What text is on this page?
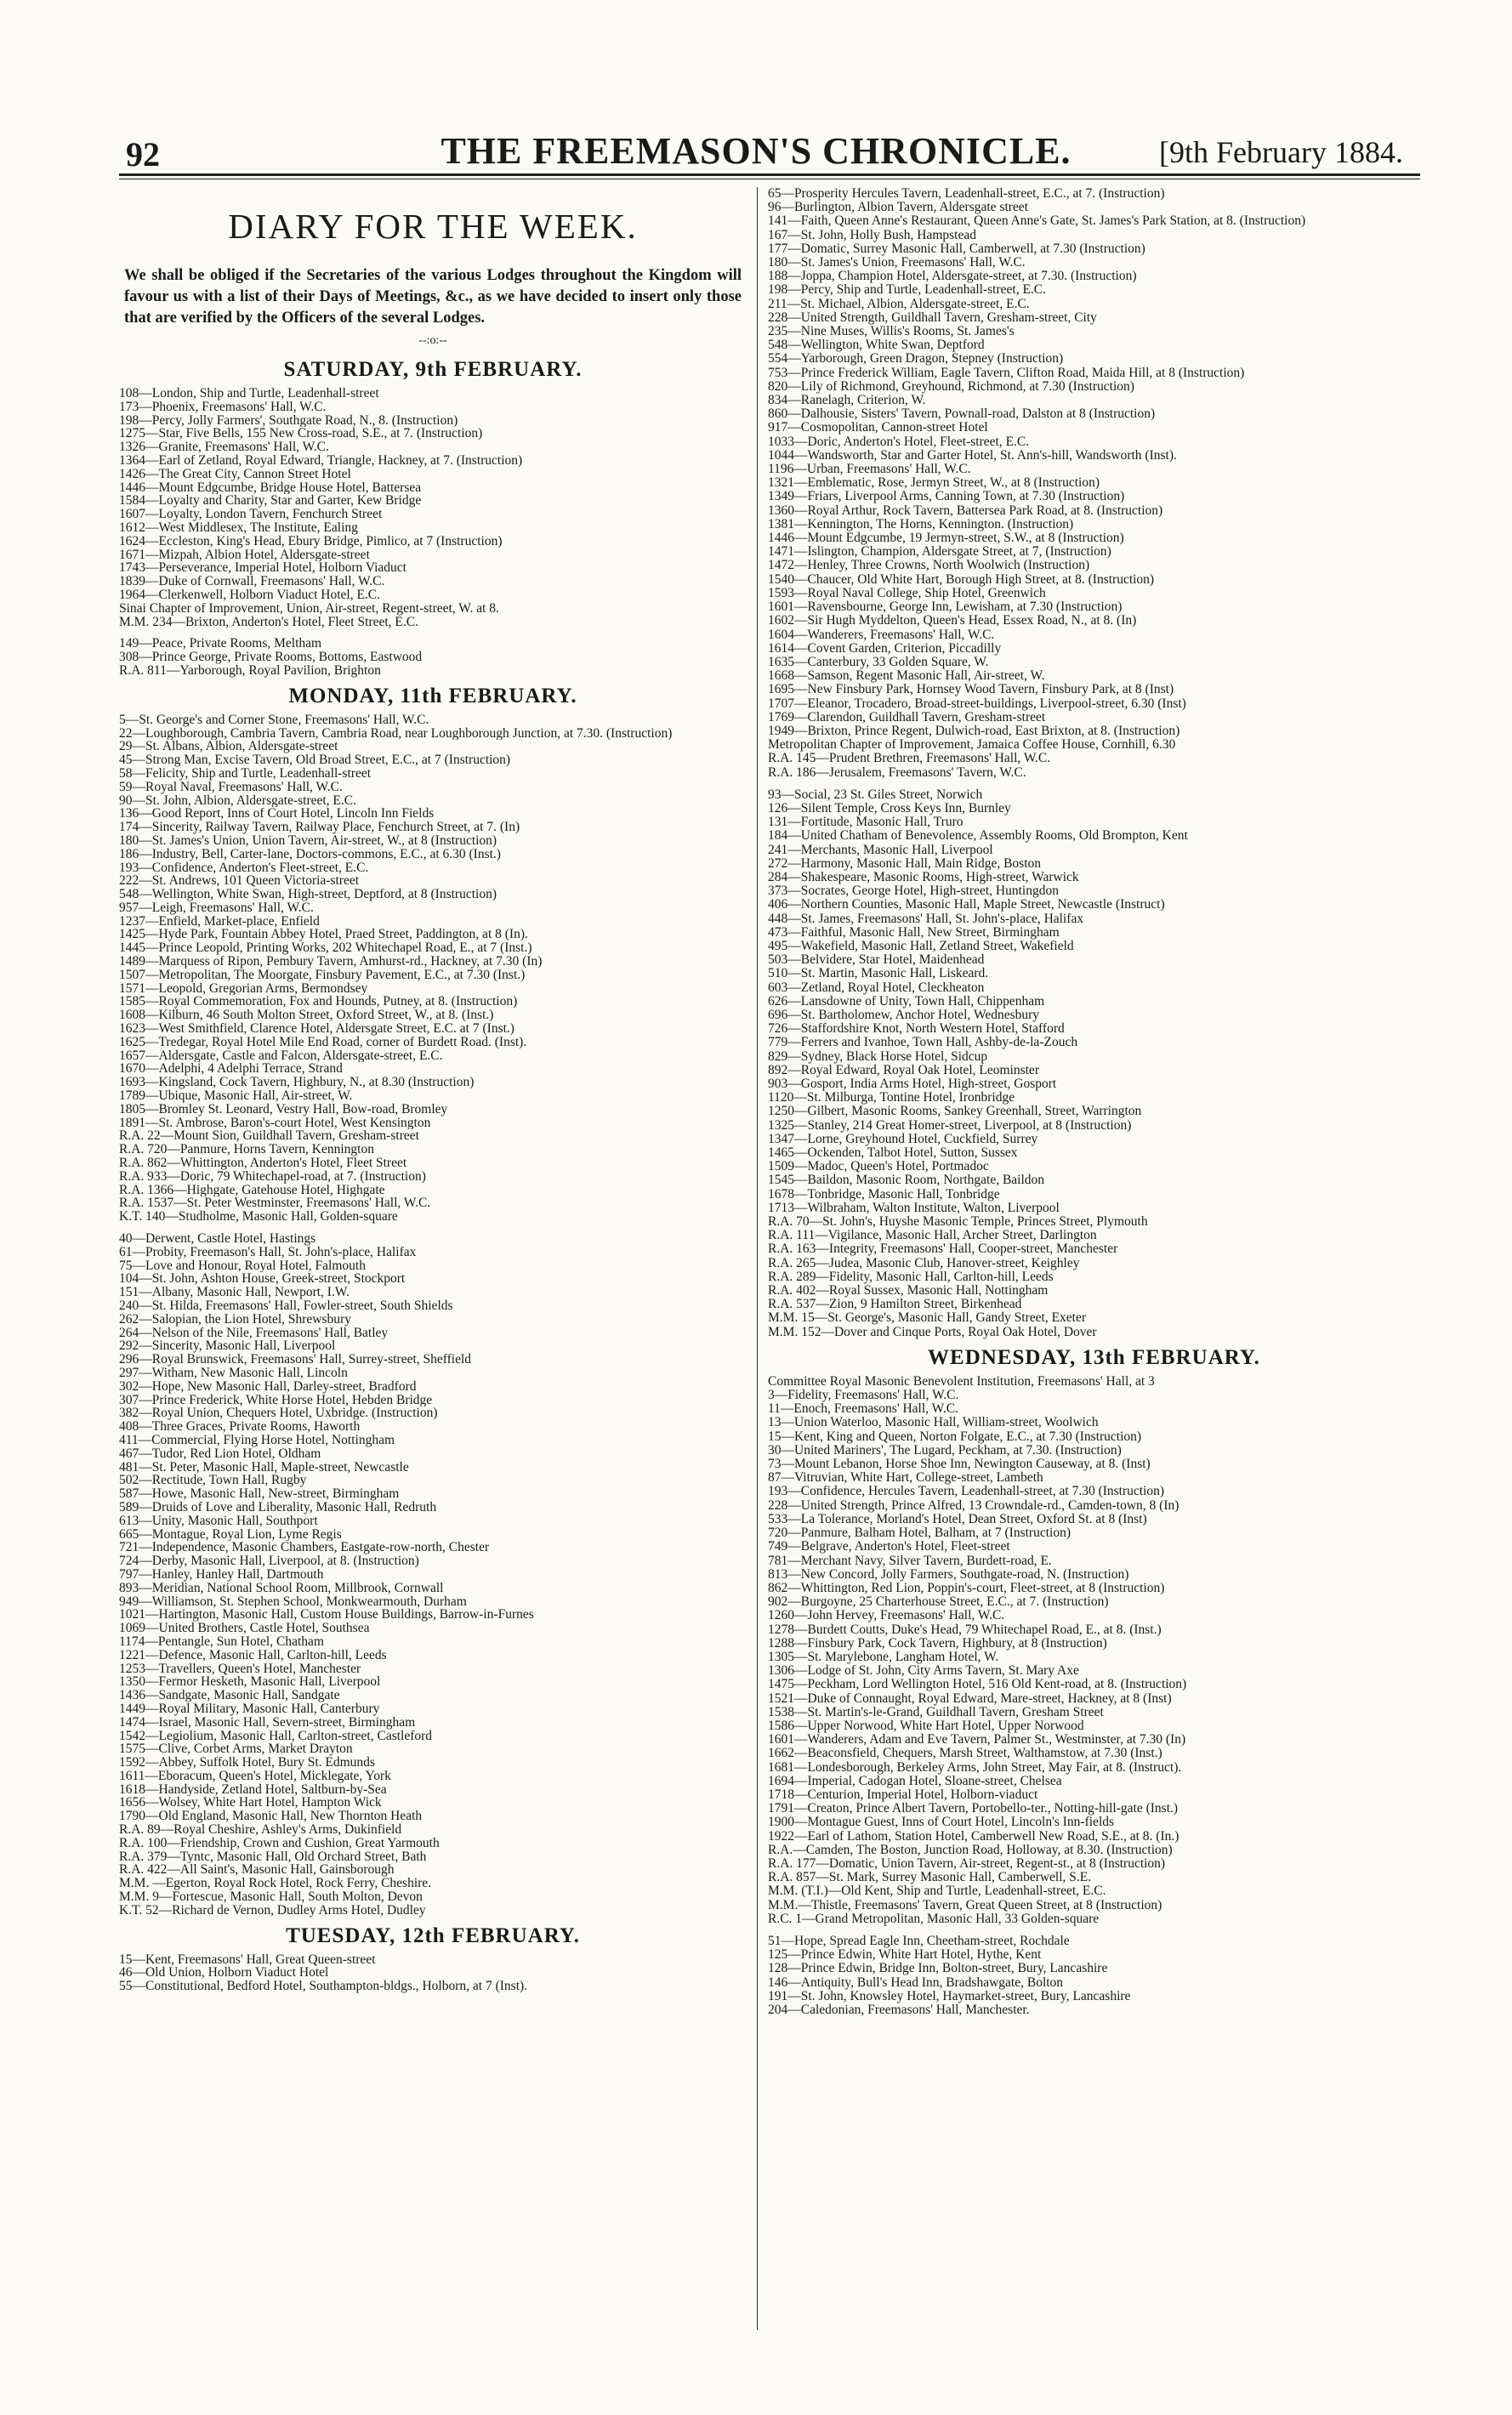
92	THE FREEMASON'S CHRONICLE.	[9th February 1884.
DIARY FOR THE WEEK.
We shall be obliged if the Secretaries of the various Lodges throughout the Kingdom will favour us with a list of their Days of Meetings, &c., as we have decided to insert only those that are verified by the Officers of the several Lodges.
--:o:--
SATURDAY, 9th FEBRUARY.
108—London, Ship and Turtle, Leadenhall-street
173—Phoenix, Freemasons' Hall, W.C.
198—Percy, Jolly Farmers', Southgate Road, N., 8. (Instruction)
1275—Star, Five Bells, 155 New Cross-road, S.E., at 7. (Instruction)
1326—Granite, Freemasons' Hall, W.C.
1364—Earl of Zetland, Royal Edward, Triangle, Hackney, at 7. (Instruction)
1426—The Great City, Cannon Street Hotel
1446—Mount Edgcumbe, Bridge House Hotel, Battersea
1584—Loyalty and Charity, Star and Garter, Kew Bridge
1607—Loyalty, London Tavern, Fenchurch Street
1612—West Middlesex, The Institute, Ealing
1624—Eccleston, King's Head, Ebury Bridge, Pimlico, at 7 (Instruction)
1671—Mizpah, Albion Hotel, Aldersgate-street
1743—Perseverance, Imperial Hotel, Holborn Viaduct
1839—Duke of Cornwall, Freemasons' Hall, W.C.
1964—Clerkenwell, Holborn Viaduct Hotel, E.C.
Sinai Chapter of Improvement, Union, Air-street, Regent-street, W. at 8.
M.M. 234—Brixton, Anderton's Hotel, Fleet Street, E.C.
149—Peace, Private Rooms, Meltham
308—Prince George, Private Rooms, Bottoms, Eastwood
R.A. 811—Yarborough, Royal Pavilion, Brighton
MONDAY, 11th FEBRUARY.
5—St. George's and Corner Stone, Freemasons' Hall, W.C.
22—Loughborough, Cambria Tavern, Cambria Road, near Loughborough Junction, at 7.30. (Instruction)
29—St. Albans, Albion, Aldersgate-street
45—Strong Man, Excise Tavern, Old Broad Street, E.C., at 7 (Instruction)
58—Felicity, Ship and Turtle, Leadenhall-street
59—Royal Naval, Freemasons' Hall, W.C.
90—St. John, Albion, Aldersgate-street, E.C.
136—Good Report, Inns of Court Hotel, Lincoln Inn Fields
174—Sincerity, Railway Tavern, Railway Place, Fenchurch Street, at 7. (In)
180—St. James's Union, Union Tavern, Air-street, W., at 8 (Instruction)
186—Industry, Bell, Carter-lane, Doctors-commons, E.C., at 6.30 (Inst.)
193—Confidence, Anderton's Fleet-street, E.C.
222—St. Andrews, 101 Queen Victoria-street
548—Wellington, White Swan, High-street, Deptford, at 8 (Instruction)
957—Leigh, Freemasons' Hall, W.C.
1237—Enfield, Market-place, Enfield
1425—Hyde Park, Fountain Abbey Hotel, Praed Street, Paddington, at 8 (In).
1445—Prince Leopold, Printing Works, 202 Whitechapel Road, E., at 7 (Inst.)
1489—Marquess of Ripon, Pembury Tavern, Amhurst-rd., Hackney, at 7.30 (In)
1507—Metropolitan, The Moorgate, Finsbury Pavement, E.C., at 7.30 (Inst.)
1571—Leopold, Gregorian Arms, Bermondsey
1585—Royal Commemoration, Fox and Hounds, Putney, at 8. (Instruction)
1608—Kilburn, 46 South Molton Street, Oxford Street, W., at 8. (Inst.)
1623—West Smithfield, Clarence Hotel, Aldersgate Street, E.C. at 7 (Inst.)
1625—Tredegar, Royal Hotel Mile End Road, corner of Burdett Road. (Inst).
1657—Aldersgate, Castle and Falcon, Aldersgate-street, E.C.
1670—Adelphi, 4 Adelphi Terrace, Strand
1693—Kingsland, Cock Tavern, Highbury, N., at 8.30 (Instruction)
1789—Ubique, Masonic Hall, Air-street, W.
1805—Bromley St. Leonard, Vestry Hall, Bow-road, Bromley
1891—St. Ambrose, Baron's-court Hotel, West Kensington
R.A. 22—Mount Sion, Guildhall Tavern, Gresham-street
R.A. 720—Panmure, Horns Tavern, Kennington
R.A. 862—Whittington, Anderton's Hotel, Fleet Street
R.A. 933—Doric, 79 Whitechapel-road, at 7. (Instruction)
R.A. 1366—Highgate, Gatehouse Hotel, Highgate
R.A. 1537—St. Peter Westminster, Freemasons' Hall, W.C.
K.T. 140—Studholme, Masonic Hall, Golden-square
40—Derwent, Castle Hotel, Hastings
61—Probity, Freemason's Hall, St. John's-place, Halifax
75—Love and Honour, Royal Hotel, Falmouth
104—St. John, Ashton House, Greek-street, Stockport
151—Albany, Masonic Hall, Newport, I.W.
240—St. Hilda, Freemasons' Hall, Fowler-street, South Shields
262—Salopian, the Lion Hotel, Shrewsbury
264—Nelson of the Nile, Freemasons' Hall, Batley
292—Sincerity, Masonic Hall, Liverpool
296—Royal Brunswick, Freemasons' Hall, Surrey-street, Sheffield
297—Witham, New Masonic Hall, Lincoln
302—Hope, New Masonic Hall, Darley-street, Bradford
307—Prince Frederick, White Horse Hotel, Hebden Bridge
382—Royal Union, Chequers Hotel, Uxbridge. (Instruction)
408—Three Graces, Private Rooms, Haworth
411—Commercial, Flying Horse Hotel, Nottingham
467—Tudor, Red Lion Hotel, Oldham
481—St. Peter, Masonic Hall, Maple-street, Newcastle
502—Rectitude, Town Hall, Rugby
587—Howe, Masonic Hall, New-street, Birmingham
589—Druids of Love and Liberality, Masonic Hall, Redruth
613—Unity, Masonic Hall, Southport
665—Montague, Royal Lion, Lyme Regis
721—Independence, Masonic Chambers, Eastgate-row-north, Chester
724—Derby, Masonic Hall, Liverpool, at 8. (Instruction)
797—Hanley, Hanley Hall, Dartmouth
893—Meridian, National School Room, Millbrook, Cornwall
949—Williamson, St. Stephen School, Monkwearmouth, Durham
1021—Hartington, Masonic Hall, Custom House Buildings, Barrow-in-Furnes
1069—United Brothers, Castle Hotel, Southsea
1174—Pentangle, Sun Hotel, Chatham
1221—Defence, Masonic Hall, Carlton-hill, Leeds
1253—Travellers, Queen's Hotel, Manchester
1350—Fermor Hesketh, Masonic Hall, Liverpool
1436—Sandgate, Masonic Hall, Sandgate
1449—Royal Military, Masonic Hall, Canterbury
1474—Israel, Masonic Hall, Severn-street, Birmingham
1542—Legiolium, Masonic Hall, Carlton-street, Castleford
1575—Clive, Corbet Arms, Market Drayton
1592—Abbey, Suffolk Hotel, Bury St. Edmunds
1611—Eboracum, Queen's Hotel, Micklegate, York
1618—Handyside, Zetland Hotel, Saltburn-by-Sea
1656—Wolsey, White Hart Hotel, Hampton Wick
1790—Old England, Masonic Hall, New Thornton Heath
R.A. 89—Royal Cheshire, Ashley's Arms, Dukinfield
R.A. 100—Friendship, Crown and Cushion, Great Yarmouth
R.A. 379—Tyntc, Masonic Hall, Old Orchard Street, Bath
R.A. 422—All Saint's, Masonic Hall, Gainsborough
M.M. —Egerton, Royal Rock Hotel, Rock Ferry, Cheshire.
M.M. 9—Fortescue, Masonic Hall, South Molton, Devon
K.T. 52—Richard de Vernon, Dudley Arms Hotel, Dudley
TUESDAY, 12th FEBRUARY.
15—Kent, Freemasons' Hall, Great Queen-street
46—Old Union, Holborn Viaduct Hotel
55—Constitutional, Bedford Hotel, Southampton-bldgs., Holborn, at 7 (Inst).
65—Prosperity Hercules Tavern, Leadenhall-street, E.C., at 7. (Instruction)
96—Burlington, Albion Tavern, Aldersgate street
141—Faith, Queen Anne's Restaurant, Queen Anne's Gate, St. James's Park Station, at 8. (Instruction)
167—St. John, Holly Bush, Hampstead
177—Domatic, Surrey Masonic Hall, Camberwell, at 7.30 (Instruction)
180—St. James's Union, Freemasons' Hall, W.C.
188—Joppa, Champion Hotel, Aldersgate-street, at 7.30. (Instruction)
198—Percy, Ship and Turtle, Leadenhall-street, E.C.
211—St. Michael, Albion, Aldersgate-street, E.C.
228—United Strength, Guildhall Tavern, Gresham-street, City
235—Nine Muses, Willis's Rooms, St. James's
548—Wellington, White Swan, Deptford
554—Yarborough, Green Dragon, Stepney (Instruction)
753—Prince Frederick William, Eagle Tavern, Clifton Road, Maida Hill, at 8 (Instruction)
820—Lily of Richmond, Greyhound, Richmond, at 7.30 (Instruction)
834—Ranelagh, Criterion, W.
860—Dalhousie, Sisters' Tavern, Pownall-road, Dalston at 8 (Instruction)
917—Cosmopolitan, Cannon-street Hotel
1033—Doric, Anderton's Hotel, Fleet-street, E.C.
1044—Wandsworth, Star and Garter Hotel, St. Ann's-hill, Wandsworth (Inst).
1196—Urban, Freemasons' Hall, W.C.
1321—Emblematic, Rose, Jermyn Street, W., at 8 (Instruction)
1349—Friars, Liverpool Arms, Canning Town, at 7.30 (Instruction)
1360—Royal Arthur, Rock Tavern, Battersea Park Road, at 8. (Instruction)
1381—Kennington, The Horns, Kennington. (Instruction)
1446—Mount Edgcumbe, 19 Jermyn-street, S.W., at 8 (Instruction)
1471—Islington, Champion, Aldersgate Street, at 7, (Instruction)
1472—Henley, Three Crowns, North Woolwich (Instruction)
1540—Chaucer, Old White Hart, Borough High Street, at 8. (Instruction)
1593—Royal Naval College, Ship Hotel, Greenwich
1601—Ravensbourne, George Inn, Lewisham, at 7.30 (Instruction)
1602—Sir Hugh Myddelton, Queen's Head, Essex Road, N., at 8. (In)
1604—Wanderers, Freemasons' Hall, W.C.
1614—Covent Garden, Criterion, Piccadilly
1635—Canterbury, 33 Golden Square, W.
1668—Samson, Regent Masonic Hall, Air-street, W.
1695—New Finsbury Park, Hornsey Wood Tavern, Finsbury Park, at 8 (Inst)
1707—Eleanor, Trocadero, Broad-street-buildings, Liverpool-street, 6.30 (Inst)
1769—Clarendon, Guildhall Tavern, Gresham-street
1949—Brixton, Prince Regent, Dulwich-road, East Brixton, at 8. (Instruction)
Metropolitan Chapter of Improvement, Jamaica Coffee House, Cornhill, 6.30
R.A. 145—Prudent Brethren, Freemasons' Hall, W.C.
R.A. 186—Jerusalem, Freemasons' Tavern, W.C.
93—Social, 23 St. Giles Street, Norwich
126—Silent Temple, Cross Keys Inn, Burnley
131—Fortitude, Masonic Hall, Truro
184—United Chatham of Benevolence, Assembly Rooms, Old Brompton, Kent
241—Merchants, Masonic Hall, Liverpool
272—Harmony, Masonic Hall, Main Ridge, Boston
284—Shakespeare, Masonic Rooms, High-street, Warwick
373—Socrates, George Hotel, High-street, Huntingdon
406—Northern Counties, Masonic Hall, Maple Street, Newcastle (Instruct)
448—St. James, Freemasons' Hall, St. John's-place, Halifax
473—Faithful, Masonic Hall, New Street, Birmingham
495—Wakefield, Masonic Hall, Zetland Street, Wakefield
503—Belvidere, Star Hotel, Maidenhead
510—St. Martin, Masonic Hall, Liskeard.
603—Zetland, Royal Hotel, Cleckheaton
626—Lansdowne of Unity, Town Hall, Chippenham
696—St. Bartholomew, Anchor Hotel, Wednesbury
726—Staffordshire Knot, North Western Hotel, Stafford
779—Ferrers and Ivanhoe, Town Hall, Ashby-de-la-Zouch
829—Sydney, Black Horse Hotel, Sidcup
892—Royal Edward, Royal Oak Hotel, Leominster
903—Gosport, India Arms Hotel, High-street, Gosport
1120—St. Milburga, Tontine Hotel, Ironbridge
1250—Gilbert, Masonic Rooms, Sankey Greenhall, Street, Warrington
1325—Stanley, 214 Great Homer-street, Liverpool, at 8 (Instruction)
1347—Lorne, Greyhound Hotel, Cuckfield, Surrey
1465—Ockenden, Talbot Hotel, Sutton, Sussex
1509—Madoc, Queen's Hotel, Portmadoc
1545—Baildon, Masonic Room, Northgate, Baildon
1678—Tonbridge, Masonic Hall, Tonbridge
1713—Wilbraham, Walton Institute, Walton, Liverpool
R.A. 70—St. John's, Huyshe Masonic Temple, Princes Street, Plymouth
R.A. 111—Vigilance, Masonic Hall, Archer Street, Darlington
R.A. 163—Integrity, Freemasons' Hall, Cooper-street, Manchester
R.A. 265—Judea, Masonic Club, Hanover-street, Keighley
R.A. 289—Fidelity, Masonic Hall, Carlton-hill, Leeds
R.A. 402—Royal Sussex, Masonic Hall, Nottingham
R.A. 537—Zion, 9 Hamilton Street, Birkenhead
M.M. 15—St. George's, Masonic Hall, Gandy Street, Exeter
M.M. 152—Dover and Cinque Ports, Royal Oak Hotel, Dover
WEDNESDAY, 13th FEBRUARY.
Committee Royal Masonic Benevolent Institution, Freemasons' Hall, at 3
3—Fidelity, Freemasons' Hall, W.C.
11—Enoch, Freemasons' Hall, W.C.
13—Union Waterloo, Masonic Hall, William-street, Woolwich
15—Kent, King and Queen, Norton Folgate, E.C., at 7.30 (Instruction)
30—United Mariners', The Lugard, Peckham, at 7.30. (Instruction)
73—Mount Lebanon, Horse Shoe Inn, Newington Causeway, at 8. (Inst)
87—Vitruvian, White Hart, College-street, Lambeth
193—Confidence, Hercules Tavern, Leadenhall-street, at 7.30 (Instruction)
228—United Strength, Prince Alfred, 13 Crowndale-rd., Camden-town, 8 (In)
533—La Tolerance, Morland's Hotel, Dean Street, Oxford St. at 8 (Inst)
720—Panmure, Balham Hotel, Balham, at 7 (Instruction)
749—Belgrave, Anderton's Hotel, Fleet-street
781—Merchant Navy, Silver Tavern, Burdett-road, E.
813—New Concord, Jolly Farmers, Southgate-road, N. (Instruction)
862—Whittington, Red Lion, Poppin's-court, Fleet-street, at 8 (Instruction)
902—Burgoyne, 25 Charterhouse Street, E.C., at 7. (Instruction)
1260—John Hervey, Freemasons' Hall, W.C.
1278—Burdett Coutts, Duke's Head, 79 Whitechapel Road, E., at 8. (Inst.)
1288—Finsbury Park, Cock Tavern, Highbury, at 8 (Instruction)
1305—St. Marylebone, Langham Hotel, W.
1306—Lodge of St. John, City Arms Tavern, St. Mary Axe
1475—Peckham, Lord Wellington Hotel, 516 Old Kent-road, at 8. (Instruction)
1521—Duke of Connaught, Royal Edward, Mare-street, Hackney, at 8 (Inst)
1538—St. Martin's-le-Grand, Guildhall Tavern, Gresham Street
1586—Upper Norwood, White Hart Hotel, Upper Norwood
1601—Wanderers, Adam and Eve Tavern, Palmer St., Westminster, at 7.30 (In)
1662—Beaconsfield, Chequers, Marsh Street, Walthamstow, at 7.30 (Inst.)
1681—Londesborough, Berkeley Arms, John Street, May Fair, at 8. (Instruct).
1694—Imperial, Cadogan Hotel, Sloane-street, Chelsea
1718—Centurion, Imperial Hotel, Holborn-viaduct
1791—Creaton, Prince Albert Tavern, Portobello-ter., Notting-hill-gate (Inst.)
1900—Montague Guest, Inns of Court Hotel, Lincoln's Inn-fields
1922—Earl of Lathom, Station Hotel, Camberwell New Road, S.E., at 8. (In.)
R.A.—Camden, The Boston, Junction Road, Holloway, at 8.30. (Instruction)
R.A. 177—Domatic, Union Tavern, Air-street, Regent-st., at 8 (Instruction)
R.A. 857—St. Mark, Surrey Masonic Hall, Camberwell, S.E.
M.M. (T.I.)—Old Kent, Ship and Turtle, Leadenhall-street, E.C.
M.M.—Thistle, Freemasons' Tavern, Great Queen Street, at 8 (Instruction)
R.C. 1—Grand Metropolitan, Masonic Hall, 33 Golden-square
51—Hope, Spread Eagle Inn, Cheetham-street, Rochdale
125—Prince Edwin, White Hart Hotel, Hythe, Kent
128—Prince Edwin, Bridge Inn, Bolton-street, Bury, Lancashire
146—Antiquity, Bull's Head Inn, Bradshawgate, Bolton
191—St. John, Knowsley Hotel, Haymarket-street, Bury, Lancashire
204—Caledonian, Freemasons' Hall, Manchester.
